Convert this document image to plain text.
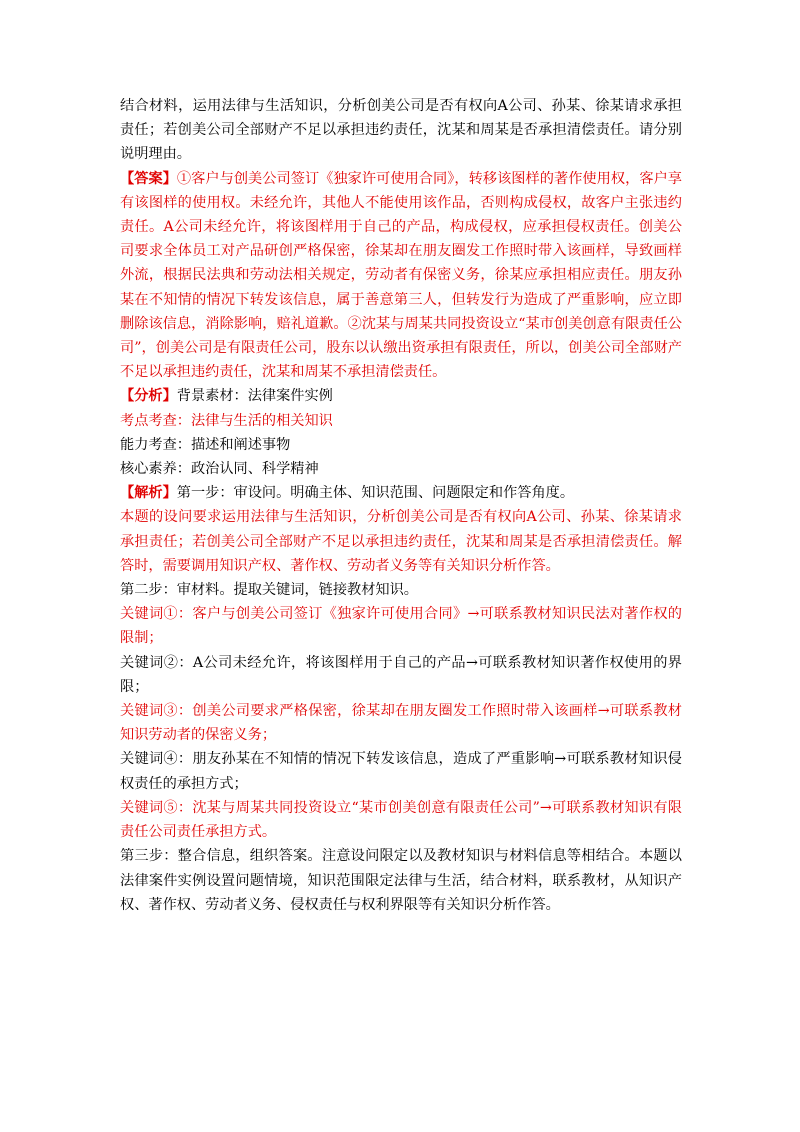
结合材料，运用法律与生活知识，分析创美公司是否有权向A公司、孙某、徐某请求承担责任；若创美公司全部财产不足以承担违约责任，沈某和周某是否承担清偿责任。请分别说明理由。

【答案】①客户与创美公司签订《独家许可使用合同》，转移该图样的著作使用权，客户享有该图样的使用权。未经允许，其他人不能使用该作品，否则构成侵权，故客户主张违约责任。A公司未经允许，将该图样用于自己的产品，构成侵权，应承担侵权责任。创美公司要求全体员工对产品研创严格保密，徐某却在朋友圈发工作照时带入该画样，导致画样外流，根据民法典和劳动法相关规定，劳动者有保密义务，徐某应承担相应责任。朋友孙某在不知情的情况下转发该信息，属于善意第三人，但转发行为造成了严重影响，应立即删除该信息，消除影响，赔礼道歉。②沈某与周某共同投资设立“某市创美创意有限责任公司”，创美公司是有限责任公司，股东以认缴出资承担有限责任，所以，创美公司全部财产不足以承担违约责任，沈某和周某不承担清偿责任。

【分析】背景素材：法律案件实例

考点考查：法律与生活的相关知识

能力考查：描述和阐述事物

核心素养：政治认同、科学精神

【解析】第一步：审设问。明确主体、知识范围、问题限定和作答角度。

本题的设问要求运用法律与生活知识，分析创美公司是否有权向A公司、孙某、徐某请求承担责任；若创美公司全部财产不足以承担违约责任，沈某和周某是否承担清偿责任。解答时，需要调用知识产权、著作权、劳动者义务等有关知识分析作答。

第二步：审材料。提取关键词，链接教材知识。

关键词①：客户与创美公司签订《独家许可使用合同》→可联系教材知识民法对著作权的限制；

关键词②：A公司未经允许，将该图样用于自己的产品→可联系教材知识著作权使用的界限；

关键词③：创美公司要求严格保密，徐某却在朋友圈发工作照时带入该画样→可联系教材知识劳动者的保密义务；

关键词④：朋友孙某在不知情的情况下转发该信息，造成了严重影响→可联系教材知识侵权责任的承担方式；

关键词⑤：沈某与周某共同投资设立“某市创美创意有限责任公司”→可联系教材知识有限责任公司责任承担方式。

第三步：整合信息，组织答案。注意设问限定以及教材知识与材料信息等相结合。本题以法律案件实例设置问题情境，知识范围限定法律与生活，结合材料，联系教材，从知识产权、著作权、劳动者义务、侵权责任与权利界限等有关知识分析作答。
